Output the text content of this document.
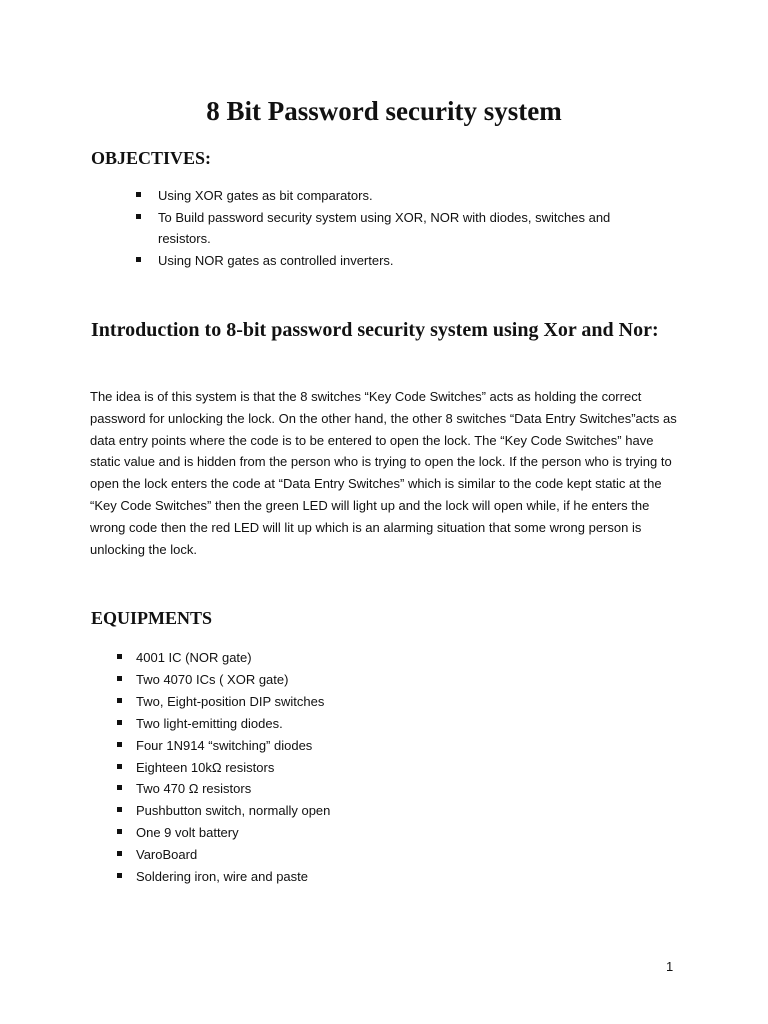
8 Bit Password security system
OBJECTIVES:
Using XOR gates as bit comparators.
To Build password security system using XOR, NOR with diodes, switches and resistors.
Using NOR gates as controlled inverters.
Introduction to 8-bit password security system using Xor and Nor:

The idea is of this system is that the 8 switches “Key Code Switches” acts as holding the correct password for unlocking the lock. On the other hand, the other 8 switches “Data Entry Switches”acts as data entry points where the code is to be entered to open the lock. The “Key Code Switches” have static value and is hidden from the person who is trying to open the lock. If the person who is trying to open the lock enters the code at “Data Entry Switches” which is similar to the code kept static at the “Key Code Switches” then the green LED will light up and the lock will open while, if he enters the wrong code then the red LED will lit up which is an alarming situation that some wrong person is unlocking the lock.

EQUIPMENTS
4001 IC (NOR gate)
Two 4070 ICs ( XOR gate)
Two, Eight-position DIP switches
Two light-emitting diodes.
Four 1N914 “switching” diodes
Eighteen 10kΩ resistors
Two 470 Ω resistors
Pushbutton switch, normally open
One 9 volt battery
VaroBoard
Soldering iron, wire and paste
1
